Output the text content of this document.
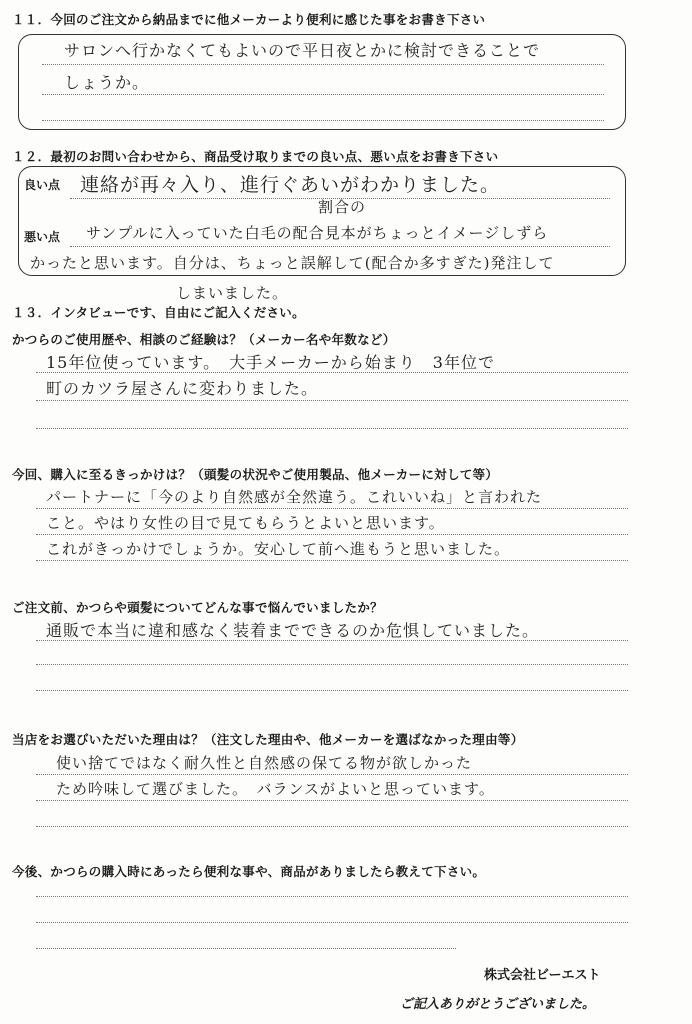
１１．今回のご注文から納品までに他メーカーより便利に感じた事をお書き下さい
サロンへ行かなくてもよいので平日夜とかに検討できることで
しょうか。
１２．最初のお問い合わせから、商品受け取りまでの良い点、悪い点をお書き下さい
良い点 連絡が再々入り、進行ぐあいがわかりました。
割合の
悪い点 サンプルに入っていた白毛の配合見本がちょっとイメージしずら
かったと思います。自分は、ちょっと誤解して(配合か多すぎた)発注して
しまいました。
１３．インタビューです、自由にご記入ください。
かつらのご使用歴や、相談のご経験は？（メーカー名や年数など）
15年位使っています。　大手メーカーから始まり　3年位で
町のカツラ屋さんに変わりました。
今回、購入に至るきっかけは？（頭髪の状況やご使用製品、他メーカーに対して等）
パートナーに「今のより自然感が全然違う。これいいね」と言われた
こと。やはり女性の目で見てもらうとよいと思います。
これがきっかけでしょうか。安心して前へ進もうと思いました。
ご注文前、かつらや頭髪についてどんな事で悩んでいましたか？
通販で本当に違和感なく装着までできるのか危惧していました。
当店をお選びいただいた理由は？（注文した理由や、他メーカーを選ばなかった理由等）
使い捨てではなく耐久性と自然感の保てる物が欲しかった
ため吟味して選びました。　バランスがよいと思っています。
今後、かつらの購入時にあったら便利な事や、商品がありましたら教えて下さい。
株式会社ビーエスト
ご記入ありがとうございました。
